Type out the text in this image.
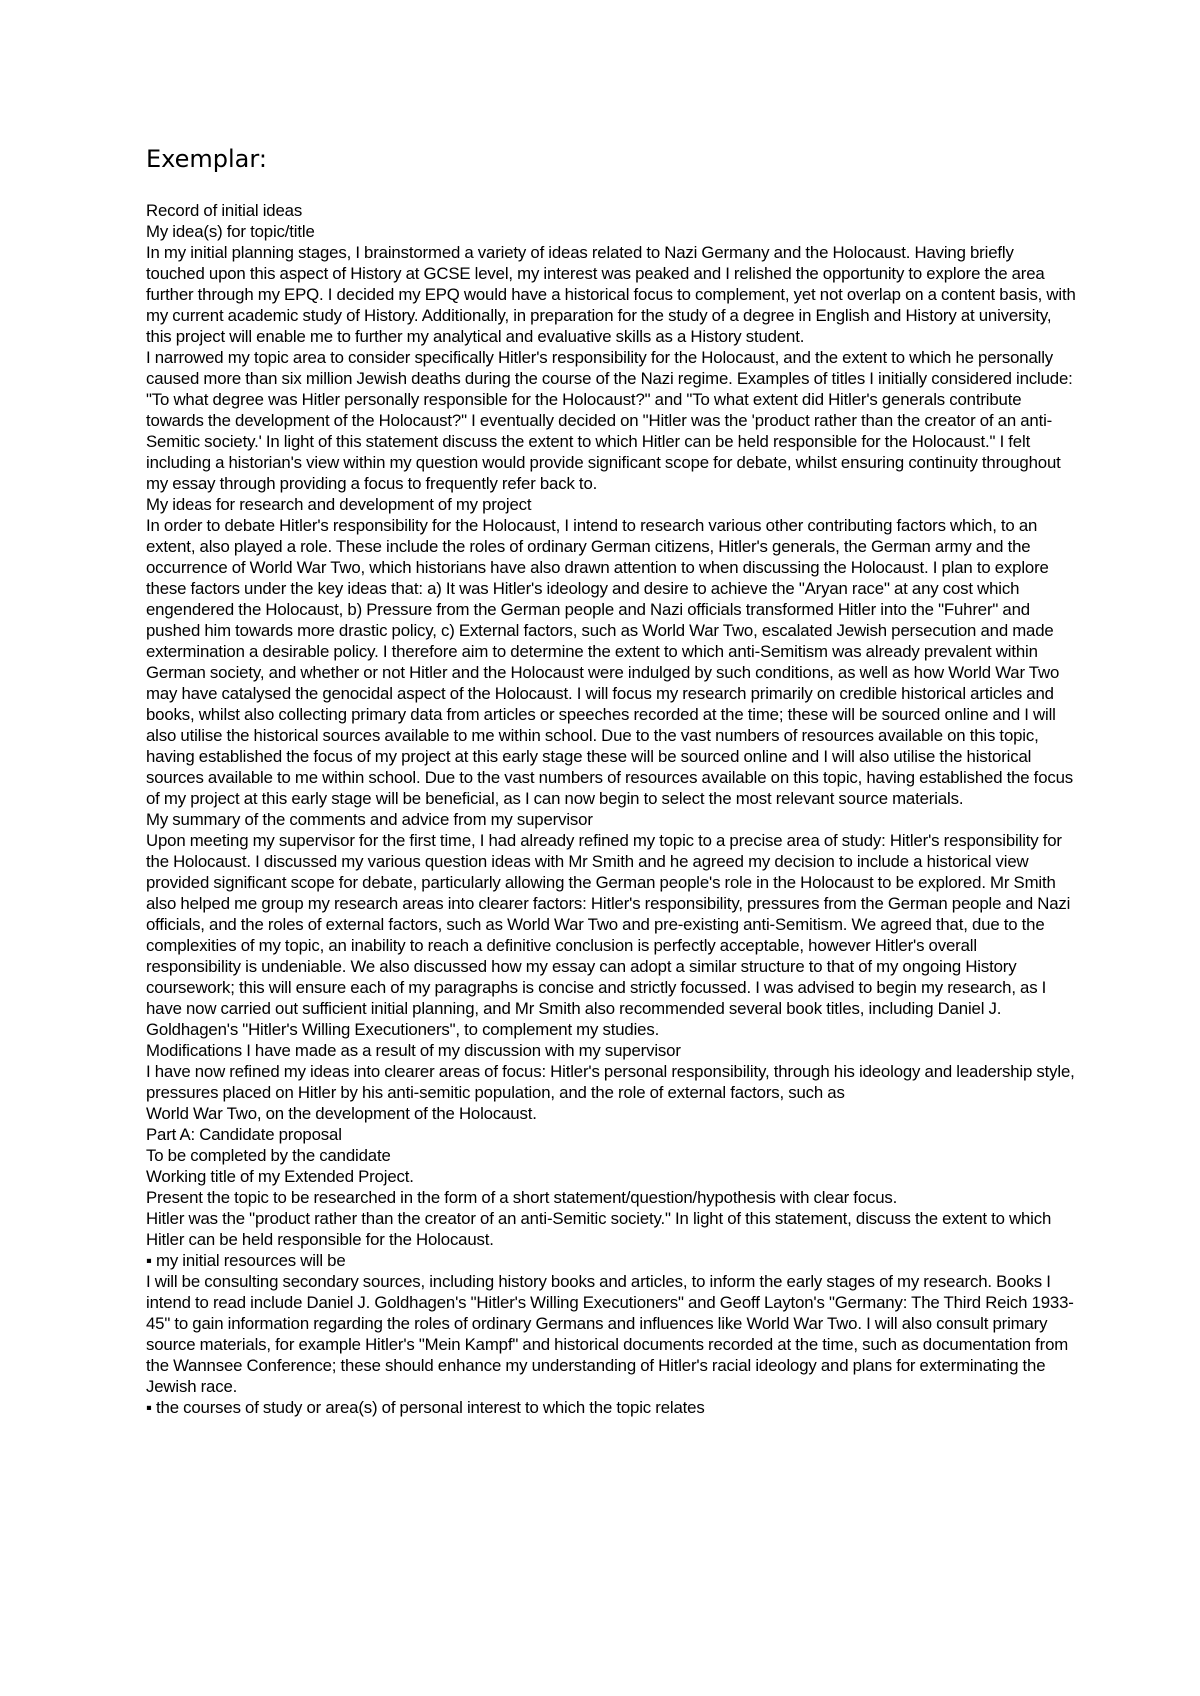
Exemplar:

Record of initial ideas

My idea(s) for topic/title

In my initial planning stages, I brainstormed a variety of ideas related to Nazi Germany and the Holocaust. Having briefly touched upon this aspect of History at GCSE level, my interest was peaked and I relished the opportunity to explore the area further through my EPQ. I decided my EPQ would have a historical focus to complement, yet not overlap on a content basis, with my current academic study of History. Additionally, in preparation for the study of a degree in English and History at university, this project will enable me to further my analytical and evaluative skills as a History student.

I narrowed my topic area to consider specifically Hitler's responsibility for the Holocaust, and the extent to which he personally caused more than six million Jewish deaths during the course of the Nazi regime. Examples of titles I initially considered include: "To what degree was Hitler personally responsible for the Holocaust?" and "To what extent did Hitler's generals contribute towards the development of the Holocaust?" I eventually decided on "Hitler was the 'product rather than the creator of an anti-Semitic society.' In light of this statement discuss the extent to which Hitler can be held responsible for the Holocaust." I felt including a historian's view within my question would provide significant scope for debate, whilst ensuring continuity throughout my essay through providing a focus to frequently refer back to.

My ideas for research and development of my project

In order to debate Hitler's responsibility for the Holocaust, I intend to research various other contributing factors which, to an extent, also played a role. These include the roles of ordinary German citizens, Hitler's generals, the German army and the occurrence of World War Two, which historians have also drawn attention to when discussing the Holocaust. I plan to explore these factors under the key ideas that: a) It was Hitler's ideology and desire to achieve the "Aryan race" at any cost which engendered the Holocaust, b) Pressure from the German people and Nazi officials transformed Hitler into the "Fuhrer" and pushed him towards more drastic policy, c) External factors, such as World War Two, escalated Jewish persecution and made extermination a desirable policy. I therefore aim to determine the extent to which anti-Semitism was already prevalent within German society, and whether or not Hitler and the Holocaust were indulged by such conditions, as well as how World War Two may have catalysed the genocidal aspect of the Holocaust. I will focus my research primarily on credible historical articles and books, whilst also collecting primary data from articles or speeches recorded at the time; these will be sourced online and I will also utilise the historical sources available to me within school. Due to the vast numbers of resources available on this topic, having established the focus of my project at this early stage these will be sourced online and I will also utilise the historical sources available to me within school. Due to the vast numbers of resources available on this topic, having established the focus of my project at this early stage will be beneficial, as I can now begin to select the most relevant source materials.

My summary of the comments and advice from my supervisor

Upon meeting my supervisor for the first time, I had already refined my topic to a precise area of study: Hitler's responsibility for the Holocaust. I discussed my various question ideas with Mr Smith and he agreed my decision to include a historical view provided significant scope for debate, particularly allowing the German people's role in the Holocaust to be explored. Mr Smith also helped me group my research areas into clearer factors: Hitler's responsibility, pressures from the German people and Nazi officials, and the roles of external factors, such as World War Two and pre-existing anti-Semitism. We agreed that, due to the complexities of my topic, an inability to reach a definitive conclusion is perfectly acceptable, however Hitler's overall responsibility is undeniable. We also discussed how my essay can adopt a similar structure to that of my ongoing History coursework; this will ensure each of my paragraphs is concise and strictly focussed. I was advised to begin my research, as I have now carried out sufficient initial planning, and Mr Smith also recommended several book titles, including Daniel J. Goldhagen's "Hitler's Willing Executioners", to complement my studies.

Modifications I have made as a result of my discussion with my supervisor

I have now refined my ideas into clearer areas of focus: Hitler's personal responsibility, through his ideology and leadership style, pressures placed on Hitler by his anti-semitic population, and the role of external factors, such as

World War Two, on the development of the Holocaust.

Part A: Candidate proposal

To be completed by the candidate

Working title of my Extended Project.

Present the topic to be researched in the form of a short statement/question/hypothesis with clear focus.

Hitler was the "product rather than the creator of an anti-Semitic society." In light of this statement, discuss the extent to which Hitler can be held responsible for the Holocaust.

▪ my initial resources will be

I will be consulting secondary sources, including history books and articles, to inform the early stages of my research. Books I intend to read include Daniel J. Goldhagen's "Hitler's Willing Executioners" and Geoff Layton's "Germany: The Third Reich 1933-45" to gain information regarding the roles of ordinary Germans and influences like World War Two. I will also consult primary source materials, for example Hitler's "Mein Kampf" and historical documents recorded at the time, such as documentation from the Wannsee Conference; these should enhance my understanding of Hitler's racial ideology and plans for exterminating the Jewish race.

▪ the courses of study or area(s) of personal interest to which the topic relates
